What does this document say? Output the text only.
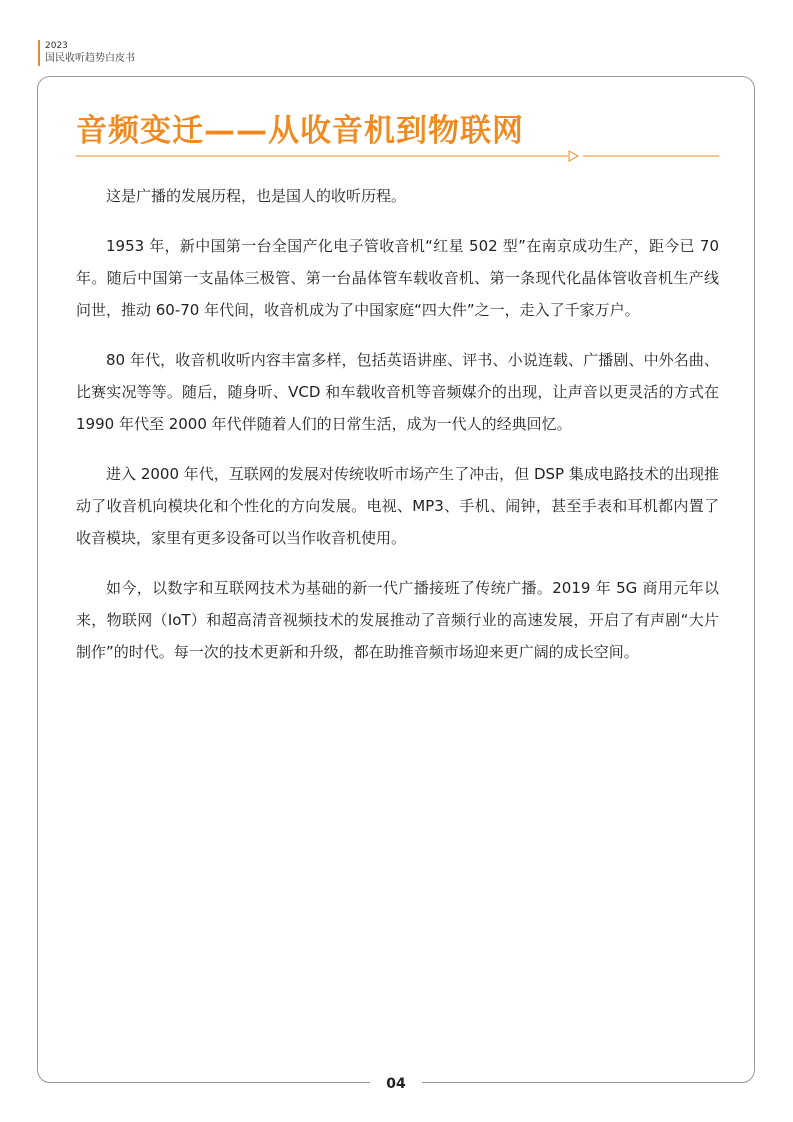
2023
国民收听趋势白皮书
音频变迁——从收音机到物联网

这是广播的发展历程，也是国人的收听历程。

1953 年，新中国第一台全国产化电子管收音机“红星 502 型”在南京成功生产，距今已 70 年。随后中国第一支晶体三极管、第一台晶体管车载收音机、第一条现代化晶体管收音机生产线问世，推动 60-70 年代间，收音机成为了中国家庭“四大件”之一，走入了千家万户。

80 年代，收音机收听内容丰富多样，包括英语讲座、评书、小说连载、广播剧、中外名曲、比赛实况等等。随后，随身听、VCD 和车载收音机等音频媒介的出现，让声音以更灵活的方式在 1990 年代至 2000 年代伴随着人们的日常生活，成为一代人的经典回忆。

进入 2000 年代，互联网的发展对传统收听市场产生了冲击，但 DSP 集成电路技术的出现推动了收音机向模块化和个性化的方向发展。电视、MP3、手机、闹钟，甚至手表和耳机都内置了收音模块，家里有更多设备可以当作收音机使用。

如今，以数字和互联网技术为基础的新一代广播接班了传统广播。2019 年 5G 商用元年以来，物联网（IoT）和超高清音视频技术的发展推动了音频行业的高速发展，开启了有声剧“大片制作”的时代。每一次的技术更新和升级，都在助推音频市场迎来更广阔的成长空间。

04
